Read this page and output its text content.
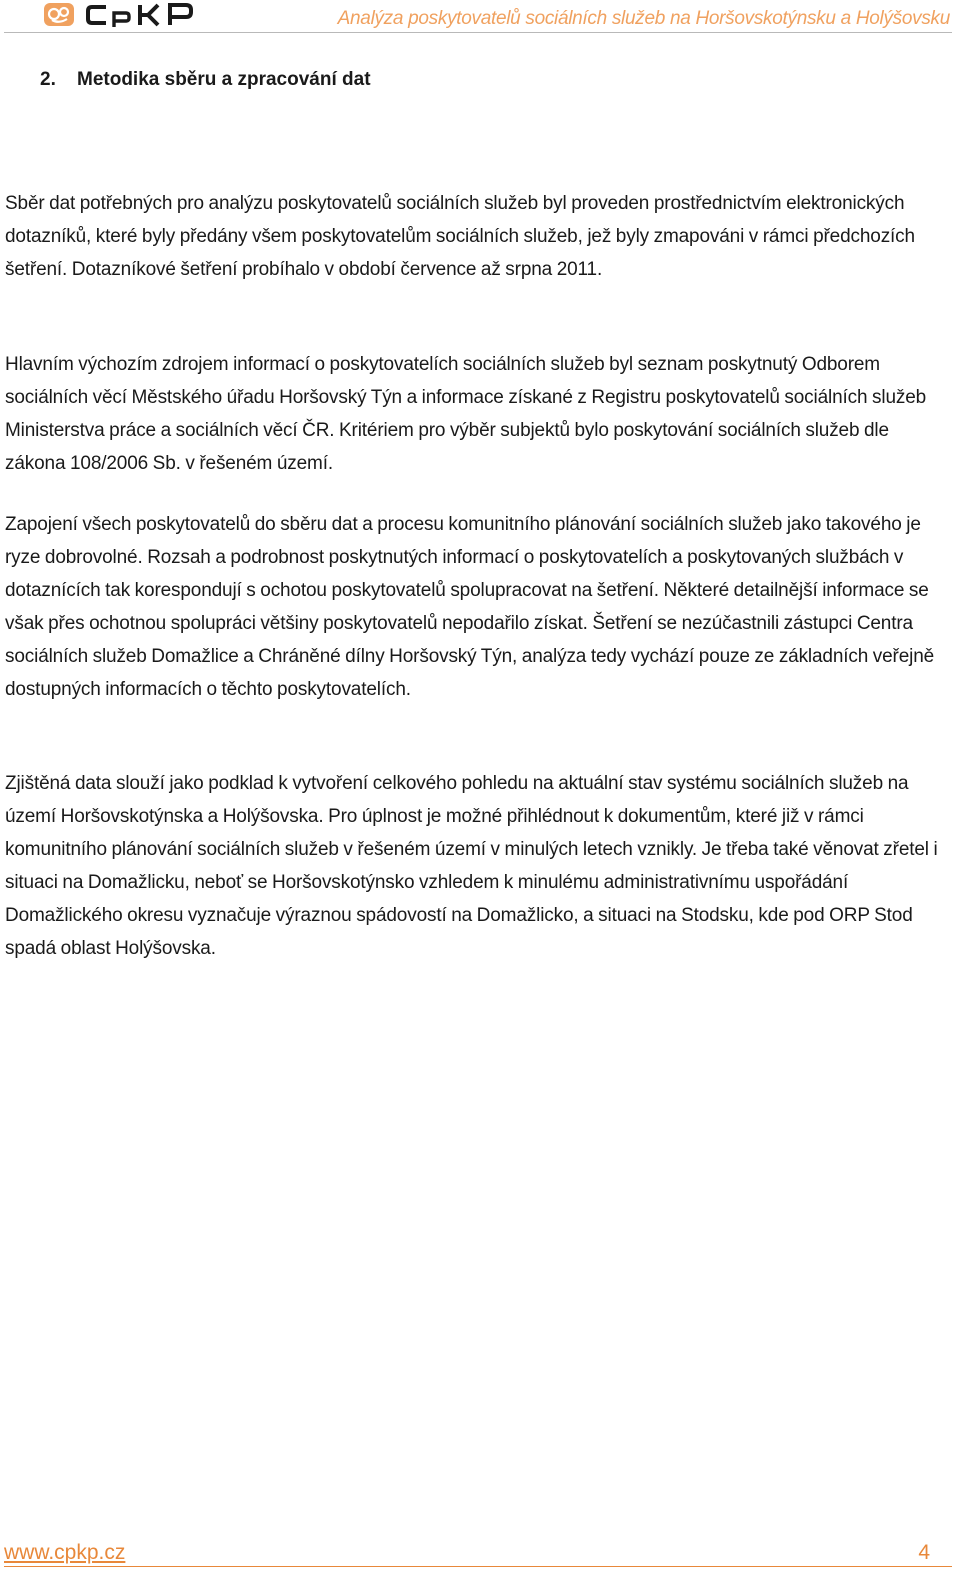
Analýza poskytovatelů sociálních služeb na Horšovskotýnsku a Holýšovsku
2. Metodika sběru a zpracování dat

Sběr dat potřebných pro analýzu poskytovatelů sociálních služeb byl proveden prostřednictvím elektronických dotazníků, které byly předány všem poskytovatelům sociálních služeb, jež byly zmapováni v rámci předchozích šetření. Dotazníkové šetření probíhalo v období července až srpna 2011.

Hlavním výchozím zdrojem informací o poskytovatelích sociálních služeb byl seznam poskytnutý Odborem sociálních věcí Městského úřadu Horšovský Týn a informace získané z Registru poskytovatelů sociálních služeb Ministerstva práce a sociálních věcí ČR. Kritériem pro výběr subjektů bylo poskytování sociálních služeb dle zákona 108/2006 Sb. v řešeném území.

Zapojení všech poskytovatelů do sběru dat a procesu komunitního plánování sociálních služeb jako takového je ryze dobrovolné. Rozsah a podrobnost poskytnutých informací o poskytovatelích a poskytovaných službách v dotaznících tak korespondují s ochotou poskytovatelů spolupracovat na šetření. Některé detailnější informace se však přes ochotnou spolupráci většiny poskytovatelů nepodařilo získat. Šetření se nezúčastnili zástupci Centra sociálních služeb Domažlice a Chráněné dílny Horšovský Týn, analýza tedy vychází pouze ze základních veřejně dostupných informacích o těchto poskytovatelích.

Zjištěná data slouží jako podklad k vytvoření celkového pohledu na aktuální stav systému sociálních služeb na území Horšovskotýnska a Holýšovska. Pro úplnost je možné přihlédnout k dokumentům, které již v rámci komunitního plánování sociálních služeb v řešeném území v minulých letech vznikly. Je třeba také věnovat zřetel i situaci na Domažlicku, neboť se Horšovskotýnsko vzhledem k minulému administrativnímu uspořádání Domažlického okresu vyznačuje výraznou spádovostí na Domažlicko, a situaci na Stodsku, kde pod ORP Stod spadá oblast Holýšovska.

www.cpkp.cz	4
